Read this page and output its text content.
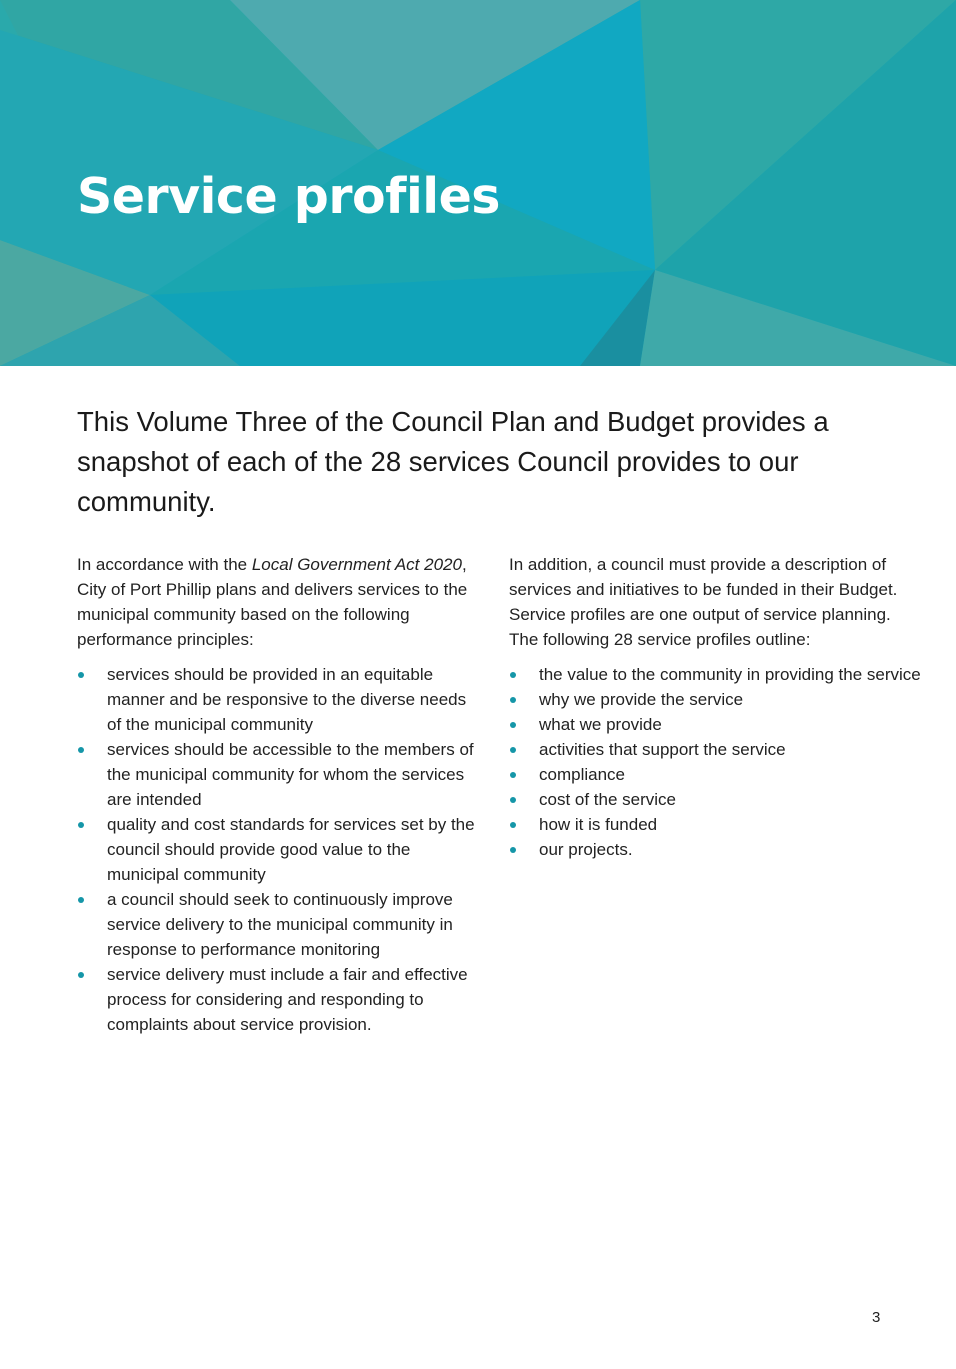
Service profiles

This Volume Three of the Council Plan and Budget provides a snapshot of each of the 28 services Council provides to our community.

In accordance with the Local Government Act 2020, City of Port Phillip plans and delivers services to the municipal community based on the following performance principles:

services should be provided in an equitable manner and be responsive to the diverse needs of the municipal community
services should be accessible to the members of the municipal community for whom the services are intended
quality and cost standards for services set by the council should provide good value to the municipal community
a council should seek to continuously improve service delivery to the municipal community in response to performance monitoring
service delivery must include a fair and effective process for considering and responding to complaints about service provision.

In addition, a council must provide a description of services and initiatives to be funded in their Budget. Service profiles are one output of service planning. The following 28 service profiles outline:

the value to the community in providing the service
why we provide the service
what we provide
activities that support the service
compliance
cost of the service
how it is funded
our projects.
3
